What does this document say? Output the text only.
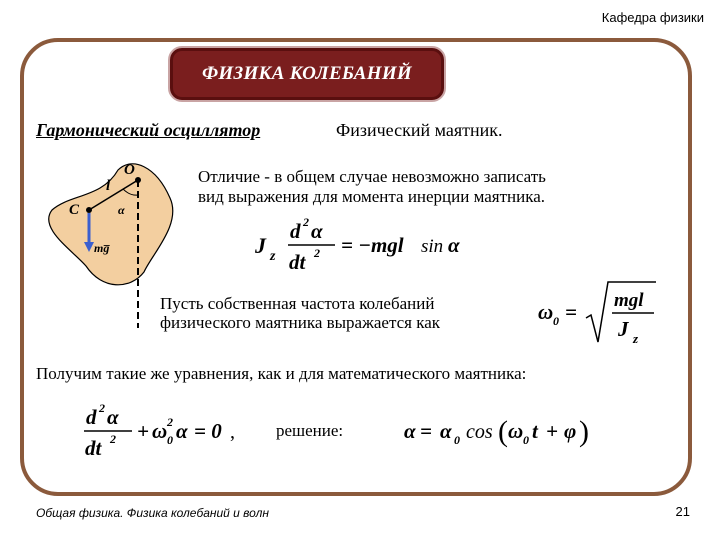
Кафедра физики
ФИЗИКА КОЛЕБАНИЙ
Гармонический осциллятор	Физический маятник.
O
C
l
α
mg̅
Отличие - в общем случае невозможно записать
вид выражения для момента инерции маятника.
J z
d 2 α
dt 2 = −mgl sin α
Пусть собственная частота колебаний
физического маятника выражается как	ω 0 = mgl
J z
Получим такие же уравнения, как и для математического маятника:
d 2 α
dt 2 + ω 2
0 α = 0 , решение:	α = α 0 cos ( ω 0 t + φ )
Общая физика. Физика колебаний и волн	21
